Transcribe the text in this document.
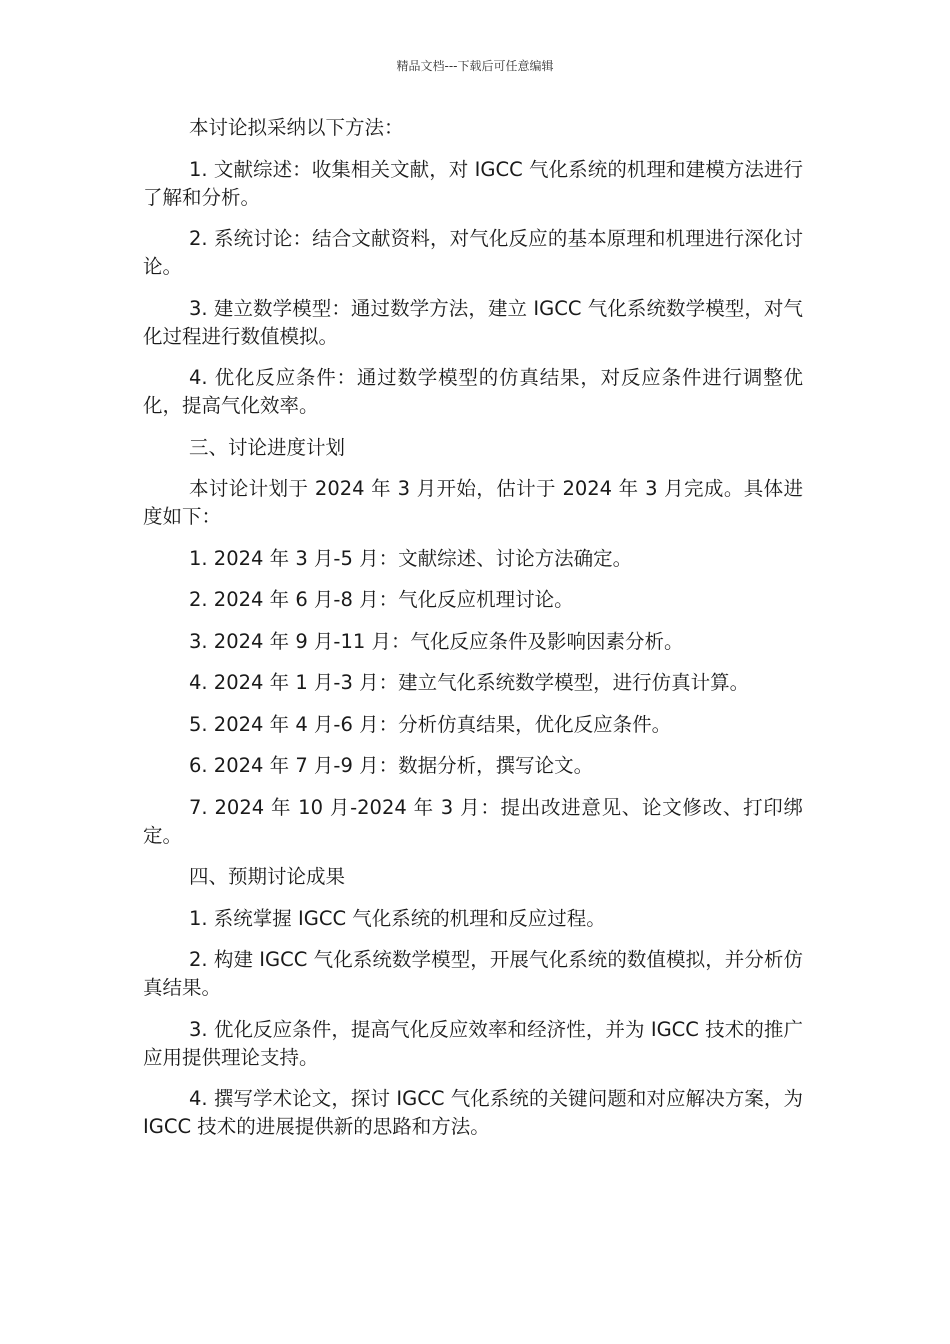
精品文档---下载后可任意编辑

本讨论拟采纳以下方法：

1. 文献综述：收集相关文献，对 IGCC 气化系统的机理和建模方法进行了解和分析。

2. 系统讨论：结合文献资料，对气化反应的基本原理和机理进行深化讨论。

3. 建立数学模型：通过数学方法，建立 IGCC 气化系统数学模型，对气化过程进行数值模拟。

4. 优化反应条件：通过数学模型的仿真结果，对反应条件进行调整优化，提高气化效率。

三、讨论进度计划

本讨论计划于 2024 年 3 月开始，估计于 2024 年 3 月完成。具体进度如下：

1. 2024 年 3 月-5 月：文献综述、讨论方法确定。

2. 2024 年 6 月-8 月：气化反应机理讨论。

3. 2024 年 9 月-11 月：气化反应条件及影响因素分析。

4. 2024 年 1 月-3 月：建立气化系统数学模型，进行仿真计算。

5. 2024 年 4 月-6 月：分析仿真结果，优化反应条件。

6. 2024 年 7 月-9 月：数据分析，撰写论文。

7. 2024 年 10 月-2024 年 3 月：提出改进意见、论文修改、打印绑定。

四、预期讨论成果

1. 系统掌握 IGCC 气化系统的机理和反应过程。

2. 构建 IGCC 气化系统数学模型，开展气化系统的数值模拟，并分析仿真结果。

3. 优化反应条件，提高气化反应效率和经济性，并为 IGCC 技术的推广应用提供理论支持。

4. 撰写学术论文，探讨 IGCC 气化系统的关键问题和对应解决方案，为 IGCC 技术的进展提供新的思路和方法。
